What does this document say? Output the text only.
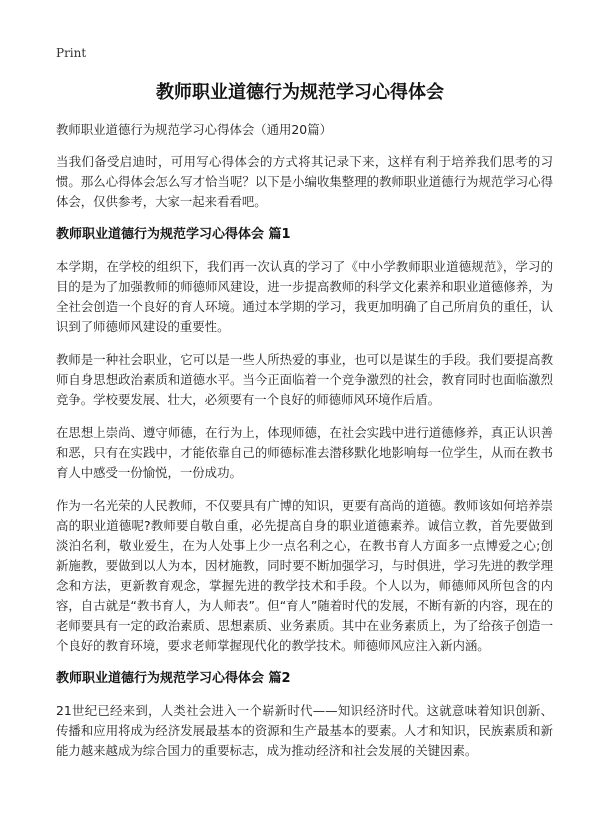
Print
教师职业道德行为规范学习心得体会

教师职业道德行为规范学习心得体会（通用20篇）

当我们备受启迪时，可用写心得体会的方式将其记录下来，这样有利于培养我们思考的习惯。那么心得体会怎么写才恰当呢？以下是小编收集整理的教师职业道德行为规范学习心得体会，仅供参考，大家一起来看看吧。

教师职业道德行为规范学习心得体会 篇1

本学期，在学校的组织下，我们再一次认真的学习了《中小学教师职业道德规范》，学习的目的是为了加强教师的师德师风建设，进一步提高教师的科学文化素养和职业道德修养，为全社会创造一个良好的育人环境。通过本学期的学习，我更加明确了自己所肩负的重任，认识到了师德师风建设的重要性。

教师是一种社会职业，它可以是一些人所热爱的事业，也可以是谋生的手段。我们要提高教师自身思想政治素质和道德水平。当今正面临着一个竞争激烈的社会，教育同时也面临激烈竞争。学校要发展、壮大，必须要有一个良好的师德师风环境作后盾。

在思想上崇尚、遵守师德，在行为上，体现师德，在社会实践中进行道德修养，真正认识善和恶，只有在实践中，才能依靠自己的师德标准去潜移默化地影响每一位学生，从而在教书育人中感受一份愉悦，一份成功。

作为一名光荣的人民教师，不仅要具有广博的知识，更要有高尚的道德。教师该如何培养崇高的职业道德呢?教师要自敬自重，必先提高自身的职业道德素养。诚信立教，首先要做到淡泊名利，敬业爱生，在为人处事上少一点名利之心，在教书育人方面多一点博爱之心;创新施教，要做到以人为本，因材施教，同时要不断加强学习，与时俱进，学习先进的教学理念和方法，更新教育观念，掌握先进的教学技术和手段。个人以为，师德师风所包含的内容，自古就是“教书育人，为人师表”。但“育人”随着时代的发展，不断有新的内容，现在的老师要具有一定的政治素质、思想素质、业务素质。其中在业务素质上，为了给孩子创造一个良好的教育环境，要求老师掌握现代化的教学技术。师德师风应注入新内涵。

教师职业道德行为规范学习心得体会 篇2

21世纪已经来到，人类社会进入一个崭新时代——知识经济时代。这就意味着知识创新、传播和应用将成为经济发展最基本的资源和生产最基本的要素。人才和知识，民族素质和新能力越来越成为综合国力的重要标志，成为推动经济和社会发展的关键因素。
